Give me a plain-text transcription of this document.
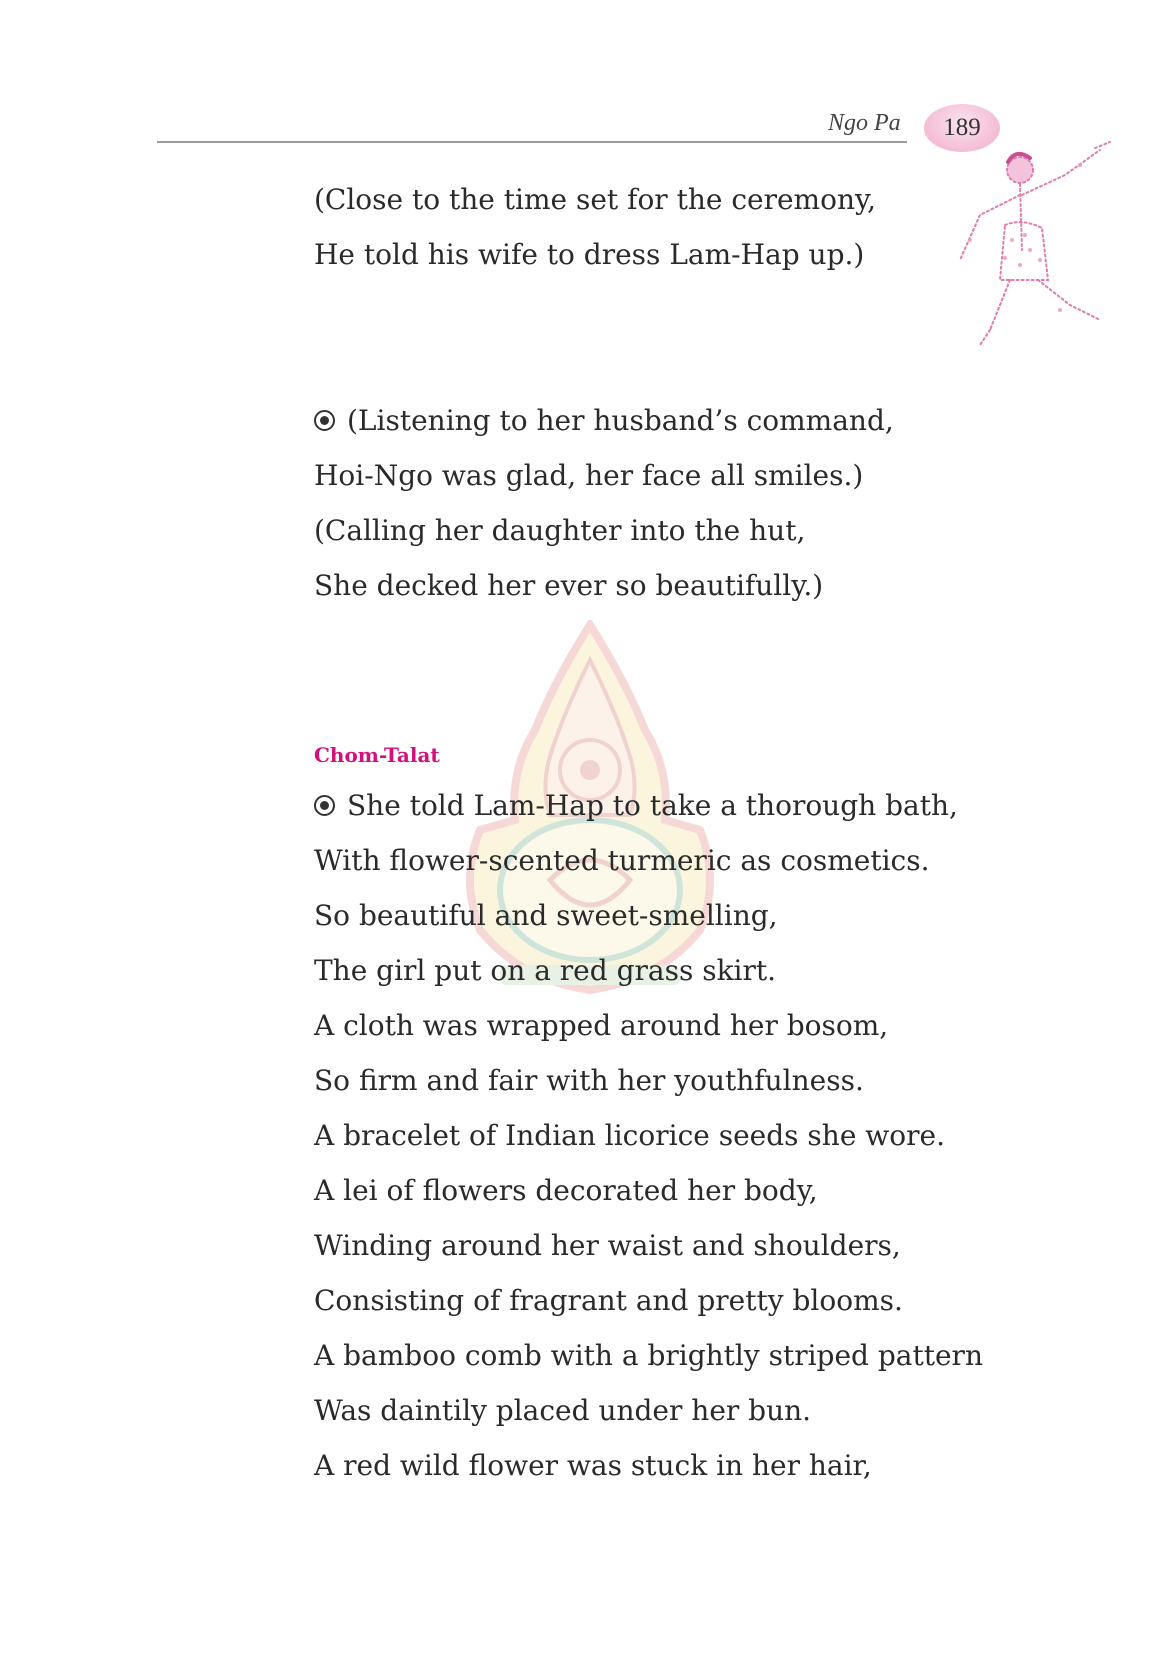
Ngo Pa 189
(Close to the time set for the ceremony,
He told his wife to dress Lam-Hap up.)
(Listening to her husband’s command,
Hoi-Ngo was glad, her face all smiles.)
(Calling her daughter into the hut,
She decked her ever so beautifully.)
Chom-Talat
She told Lam-Hap to take a thorough bath,
With flower-scented turmeric as cosmetics.
So beautiful and sweet-smelling,
The girl put on a red grass skirt.
A cloth was wrapped around her bosom,
So firm and fair with her youthfulness.
A bracelet of Indian licorice seeds she wore.
A lei of flowers decorated her body,
Winding around her waist and shoulders,
Consisting of fragrant and pretty blooms.
A bamboo comb with a brightly striped pattern
Was daintily placed under her bun.
A red wild flower was stuck in her hair,
